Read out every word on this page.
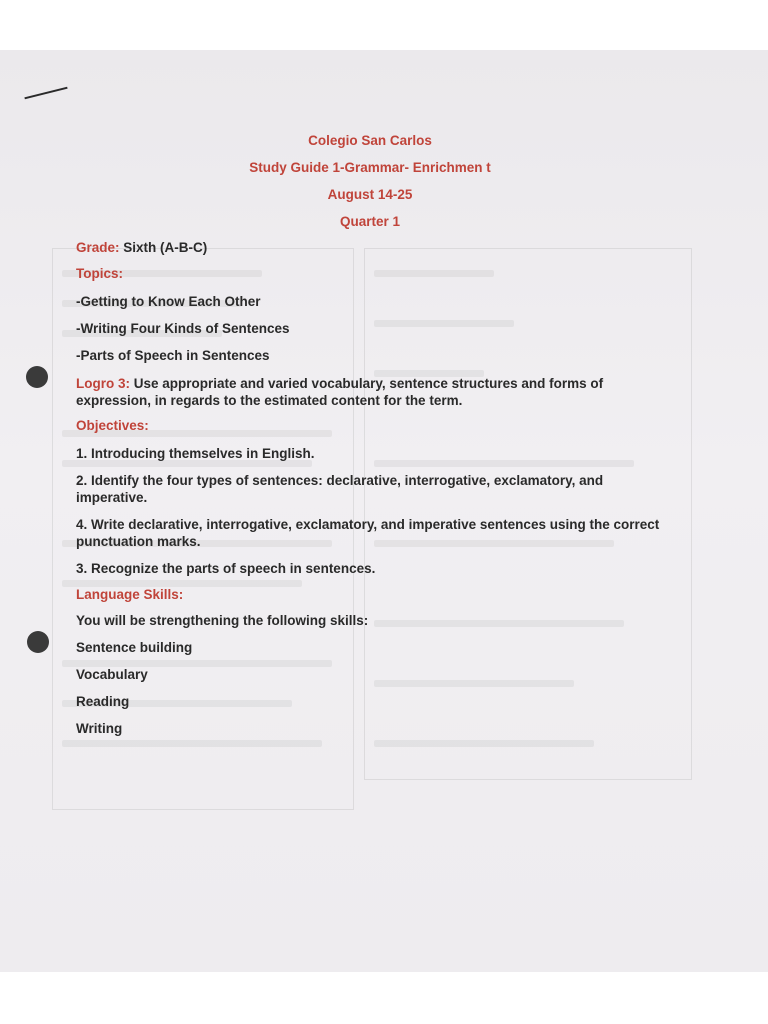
Colegio San Carlos
Study Guide 1-Grammar- Enrichmen t
August 14-25
Quarter 1
Grade: Sixth (A-B-C)
Topics:
-Getting to Know Each Other
-Writing Four Kinds of Sentences
-Parts of Speech in Sentences
Logro 3: Use appropriate and varied vocabulary, sentence structures and forms of expression, in regards to the estimated content for the term.
Objectives:
1. Introducing themselves in English.
2. Identify the four types of sentences: declarative, interrogative, exclamatory, and imperative.
4. Write declarative, interrogative, exclamatory, and imperative sentences using the correct punctuation marks.
3. Recognize the parts of speech in sentences.
Language Skills:
You will be strengthening the following skills:
Sentence building
Vocabulary
Reading
Writing
